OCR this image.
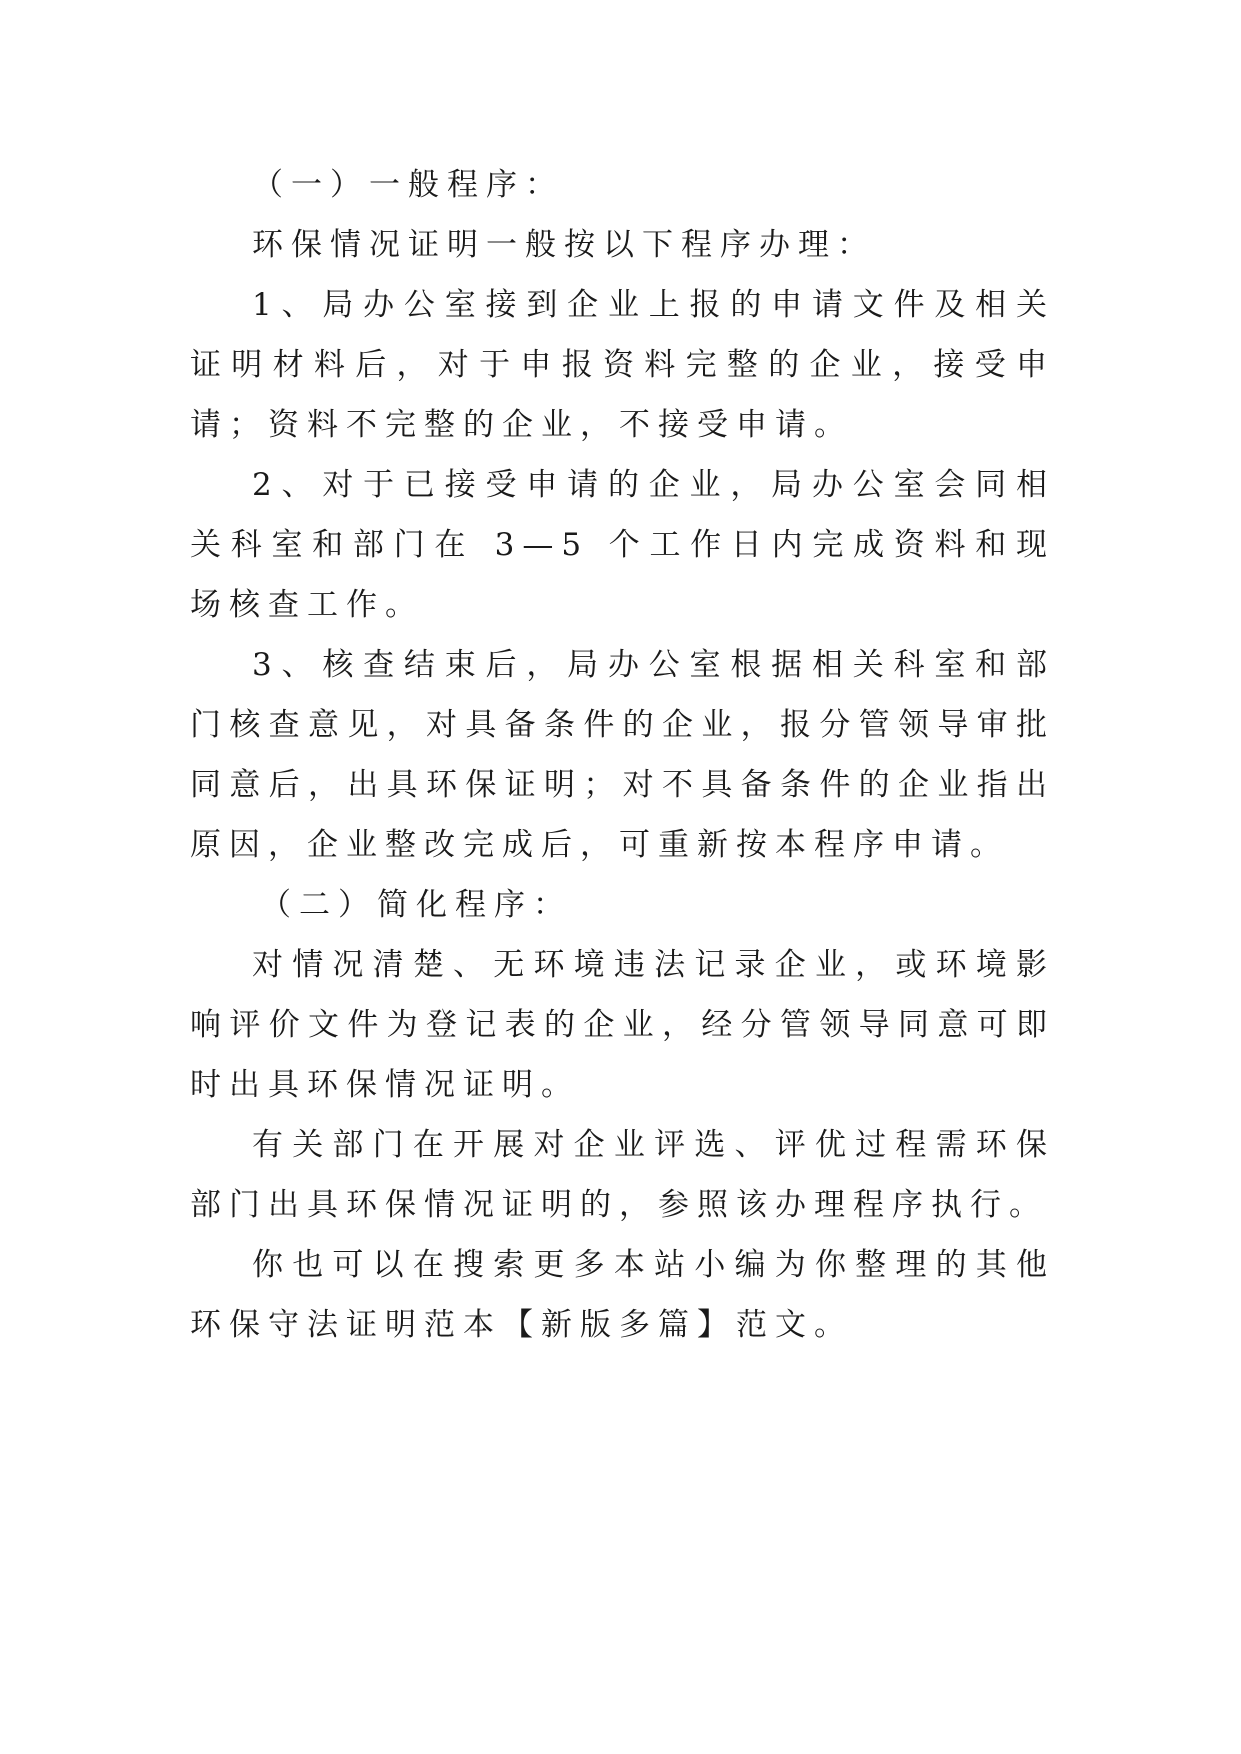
（一）一般程序：

环保情况证明一般按以下程序办理：

1、局办公室接到企业上报的申请文件及相关证明材料后，对于申报资料完整的企业，接受申请；资料不完整的企业，不接受申请。

2、对于已接受申请的企业，局办公室会同相关科室和部门在 3—5 个工作日内完成资料和现场核查工作。

3、核查结束后，局办公室根据相关科室和部门核查意见，对具备条件的企业，报分管领导审批同意后，出具环保证明；对不具备条件的企业指出原因，企业整改完成后，可重新按本程序申请。

（二）简化程序：

对情况清楚、无环境违法记录企业，或环境影响评价文件为登记表的企业，经分管领导同意可即时出具环保情况证明。

有关部门在开展对企业评选、评优过程需环保部门出具环保情况证明的，参照该办理程序执行。

你也可以在搜索更多本站小编为你整理的其他环保守法证明范本【新版多篇】范文。
